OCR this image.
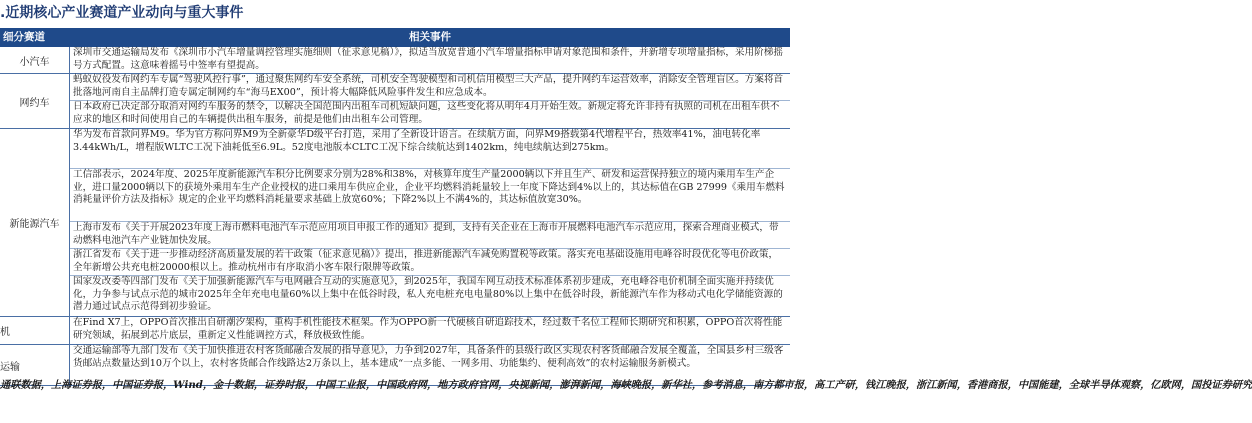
.近期核心产业赛道产业动向与重大事件
细分赛道	相关事件
小汽车
深圳市交通运输局发布《深圳市小汽车增量调控管理实施细则（征求意见稿）》，拟适当放宽普通小汽车增量指标申请对象范围和条件，并新增专项增量指标，采用阶梯摇号方式配置。这意味着摇号中签率有望提高。
网约车
蚂蚁奴役发布网约车专属“驾驶风控行事”，通过聚焦网约车安全系统，司机安全驾驶模型和司机信用模型三大产品，提升网约车运营效率，消除安全管理盲区。方案将首批落地河南自主品牌打造专属定制网约车“海马EX00”，预计将大幅降低风险事件发生和应急成本。
日本政府已决定部分取消对网约车服务的禁令，以解决全国范围内出租车司机短缺问题，这些变化将从明年4月开始生效。新规定将允许非持有执照的司机在出租车供不应求的地区和时间使用自己的车辆提供出租车服务，前提是他们由出租车公司管理。
新能源汽车
华为发布首款问界M9。华为官方称问界M9为全新豪华D级平台打造，采用了全新设计语言。在续航方面，问界M9搭载第4代增程平台，热效率41%，油电转化率3.44kWh/L，增程版WLTC工况下油耗低至6.9L。52度电池版本CLTC工况下综合续航达到1402km，纯电续航达到275km。
工信部表示，2024年度、2025年度新能源汽车积分比例要求分别为28%和38%，对核算年度生产量2000辆以下并且生产、研发和运营保持独立的境内乘用车生产企业，进口量2000辆以下的获境外乘用车生产企业授权的进口乘用车供应企业，企业平均燃料消耗量较上一年度下降达到4%以上的，其达标值在GB 27999《乘用车燃料消耗量评价方法及指标》规定的企业平均燃料消耗量要求基础上放宽60%；下降2%以上不满4%的，其达标值放宽30%。
上海市发布《关于开展2023年度上海市燃料电池汽车示范应用项目申报工作的通知》提到，支持有关企业在上海市开展燃料电池汽车示范应用，探索合理商业模式，带动燃料电池汽车产业链加快发展。
浙江省发布《关于进一步推动经济高质量发展的若干政策（征求意见稿）》提出，推进新能源汽车减免购置税等政策。落实充电基础设施用电峰谷时段优化等电价政策，全年新增公共充电桩20000根以上。推动杭州市有序取消小客车限行限牌等政策。
国家发改委等四部门发布《关于加强新能源汽车与电网融合互动的实施意见》，到2025年，我国车网互动技术标准体系初步建成，充电峰谷电价机制全面实施并持续优化，力争参与试点示范的城市2025年全年充电电量60%以上集中在低谷时段，私人充电桩充电电量80%以上集中在低谷时段，新能源汽车作为移动式电化学储能资源的潜力通过试点示范得到初步验证。
机
在Find X7上，OPPO首次推出自研潮汐架构，重构手机性能技术框架。作为OPPO新一代硬核自研追踪技术，经过数千名位工程师长期研究和积累，OPPO首次将性能研究领域，拓展到芯片底层，重新定义性能调控方式，释放极致性能。
运输
交通运输部等九部门发布《关于加快推进农村客货邮融合发展的指导意见》，力争到2027年，具备条件的县级行政区实现农村客货邮融合发展全覆盖，全国县乡村三级客货邮站点数量达到10万个以上，农村客货邮合作线路达2万条以上，基本建成“一点多能、一网多用、功能集约、便利高效”的农村运输服务新模式。
通联数据，上海证券报，中国证券报，Wind，金十数据，证券时报，中国工业报，中国政府网，地方政府官网，央视新闻，澎湃新闻，海峡晚报，新华社，参考消息，南方都市报，高工产研，钱江晚报，浙江新闻，香港商报，中国能建，全球半导体观察，亿欧网，国投证券研究
